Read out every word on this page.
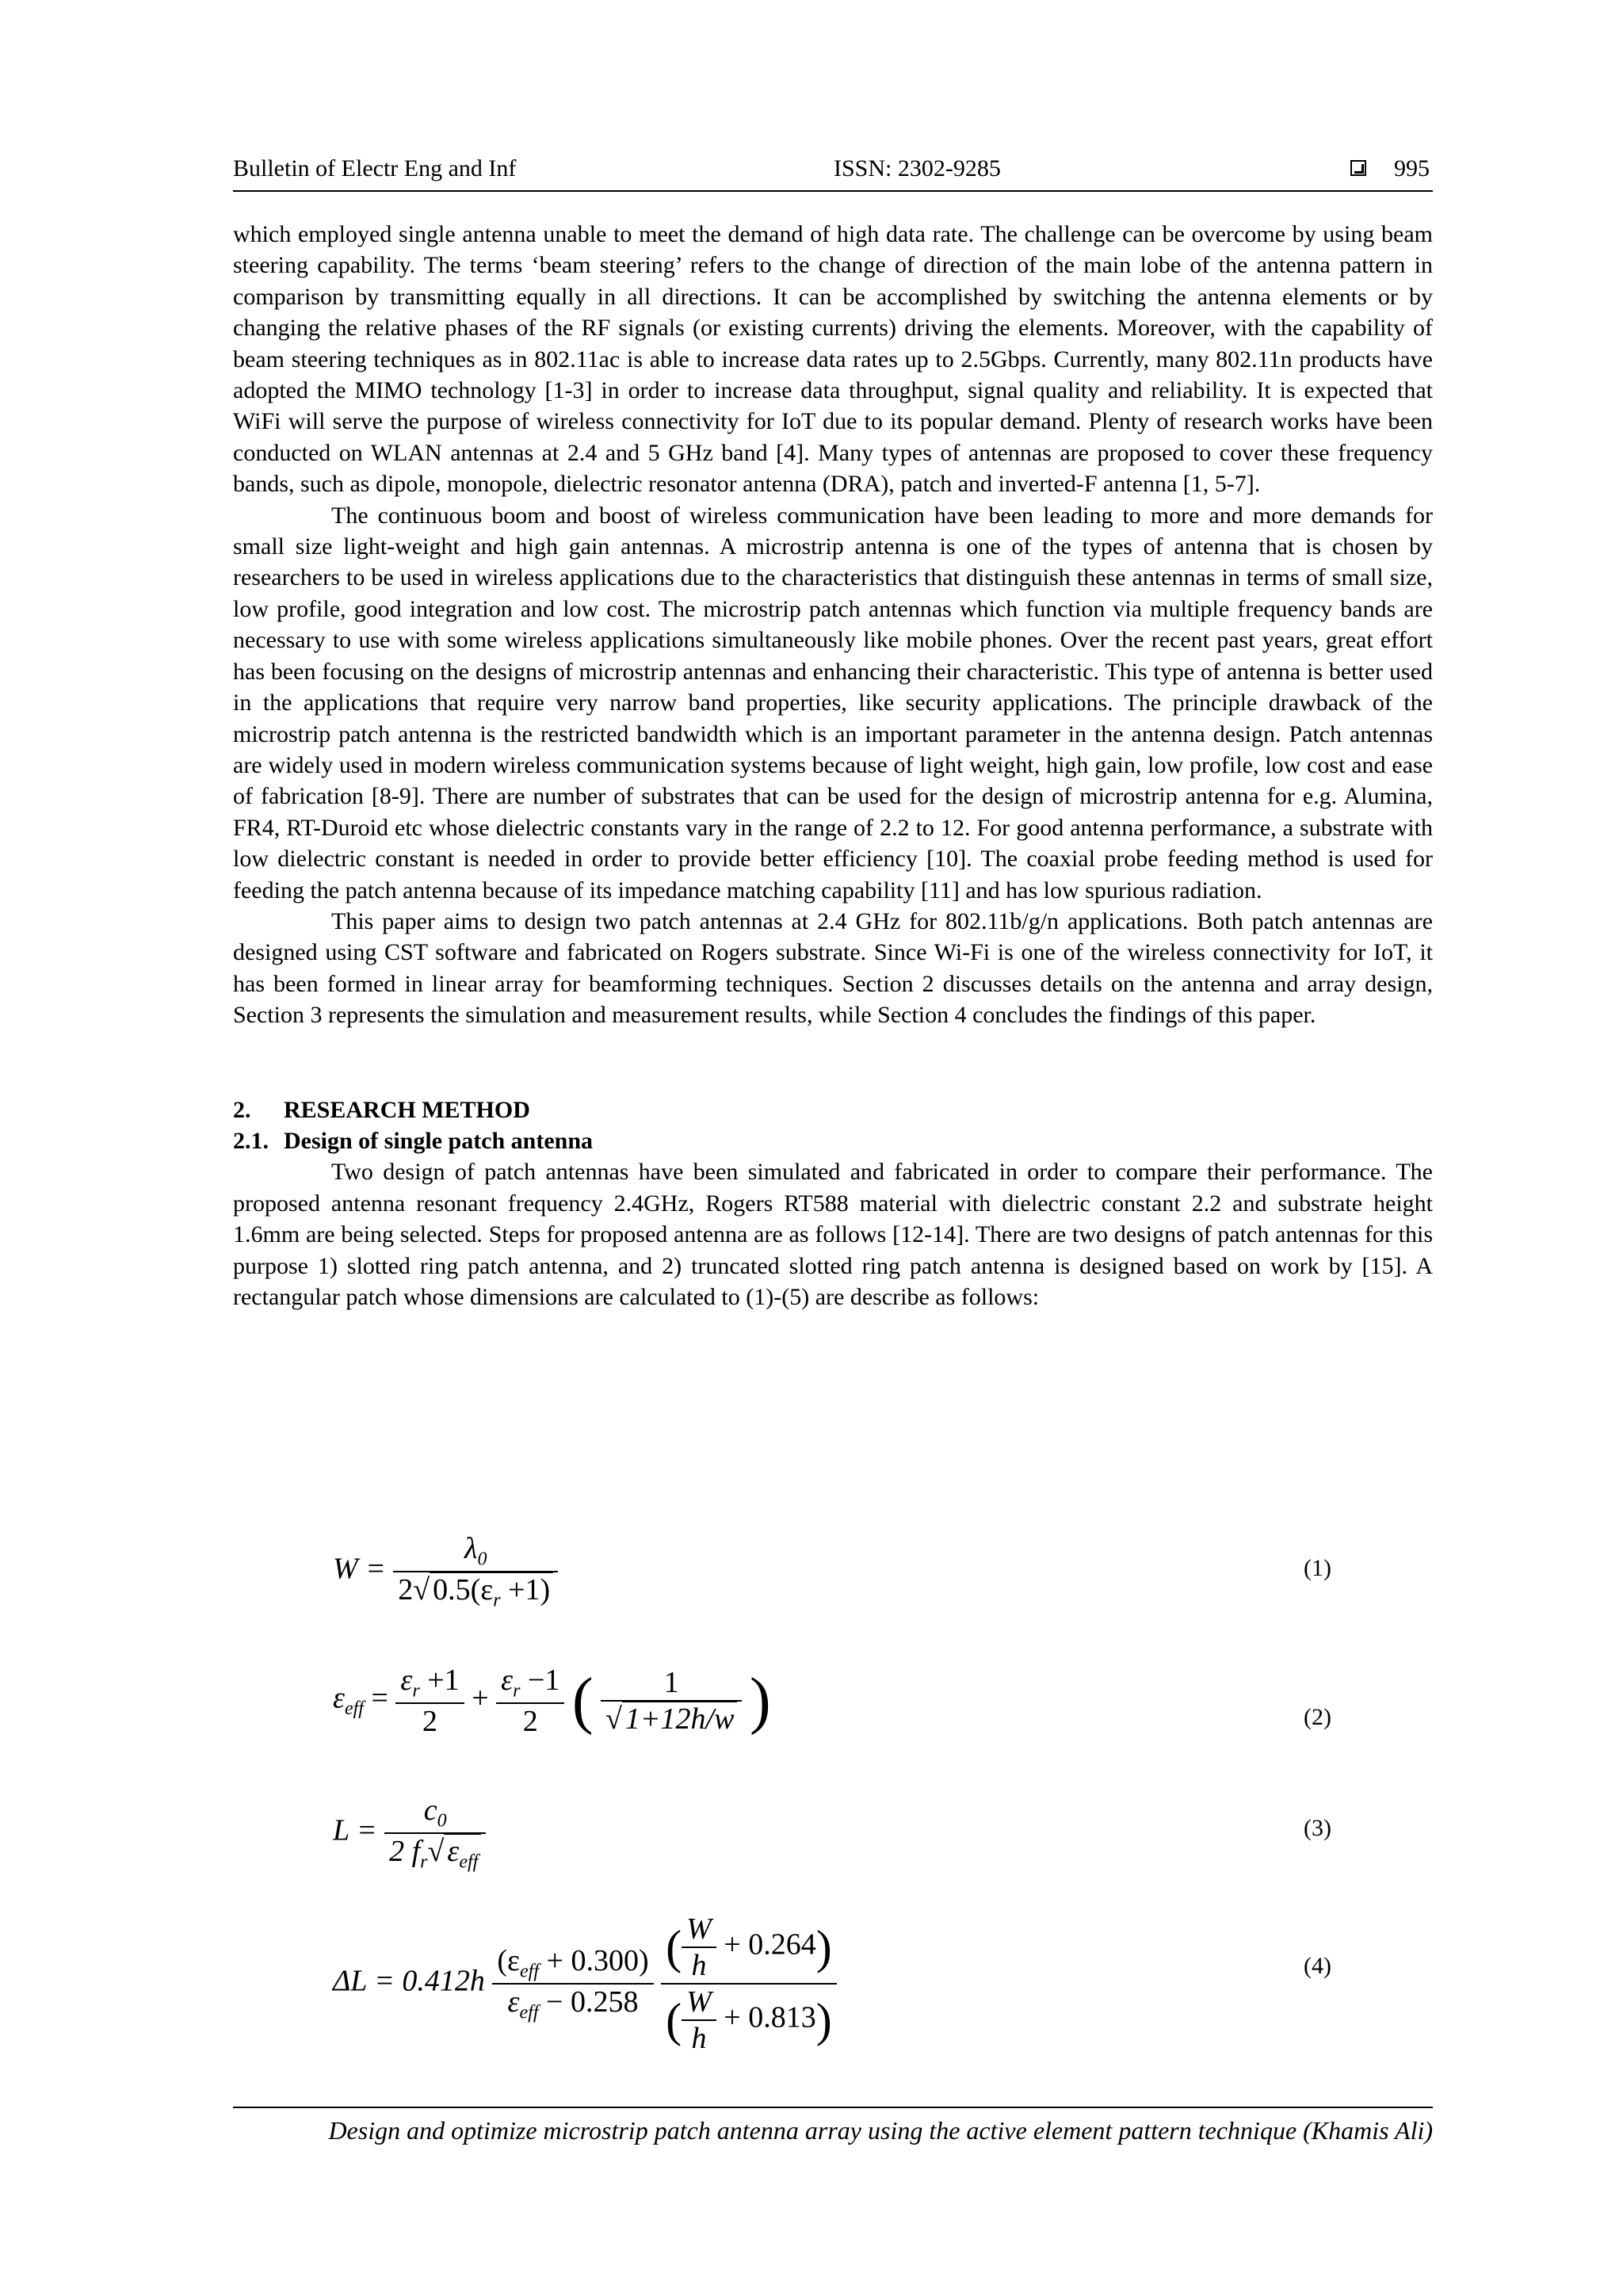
Bulletin of Electr Eng and Inf	ISSN: 2302-9285	995

which employed single antenna unable to meet the demand of high data rate. The challenge can be overcome by using beam steering capability. The terms ‘beam steering’ refers to the change of direction of the main lobe of the antenna pattern in comparison by transmitting equally in all directions. It can be accomplished by switching the antenna elements or by changing the relative phases of the RF signals (or existing currents) driving the elements. Moreover, with the capability of beam steering techniques as in 802.11ac is able to increase data rates up to 2.5Gbps. Currently, many 802.11n products have adopted the MIMO technology [1-3] in order to increase data throughput, signal quality and reliability. It is expected that WiFi will serve the purpose of wireless connectivity for IoT due to its popular demand. Plenty of research works have been conducted on WLAN antennas at 2.4 and 5 GHz band [4]. Many types of antennas are proposed to cover these frequency bands, such as dipole, monopole, dielectric resonator antenna (DRA), patch and inverted-F antenna [1, 5-7].

The continuous boom and boost of wireless communication have been leading to more and more demands for small size light-weight and high gain antennas. A microstrip antenna is one of the types of antenna that is chosen by researchers to be used in wireless applications due to the characteristics that distinguish these antennas in terms of small size, low profile, good integration and low cost. The microstrip patch antennas which function via multiple frequency bands are necessary to use with some wireless applications simultaneously like mobile phones. Over the recent past years, great effort has been focusing on the designs of microstrip antennas and enhancing their characteristic. This type of antenna is better used in the applications that require very narrow band properties, like security applications. The principle drawback of the microstrip patch antenna is the restricted bandwidth which is an important parameter in the antenna design. Patch antennas are widely used in modern wireless communication systems because of light weight, high gain, low profile, low cost and ease of fabrication [8-9]. There are number of substrates that can be used for the design of microstrip antenna for e.g. Alumina, FR4, RT-Duroid etc whose dielectric constants vary in the range of 2.2 to 12. For good antenna performance, a substrate with low dielectric constant is needed in order to provide better efficiency [10]. The coaxial probe feeding method is used for feeding the patch antenna because of its impedance matching capability [11] and has low spurious radiation.

This paper aims to design two patch antennas at 2.4 GHz for 802.11b/g/n applications. Both patch antennas are designed using CST software and fabricated on Rogers substrate. Since Wi-Fi is one of the wireless connectivity for IoT, it has been formed in linear array for beamforming techniques. Section 2 discusses details on the antenna and array design, Section 3 represents the simulation and measurement results, while Section 4 concludes the findings of this paper.

2. RESEARCH METHOD
2.1. Design of single patch antenna

Two design of patch antennas have been simulated and fabricated in order to compare their performance. The proposed antenna resonant frequency 2.4GHz, Rogers RT588 material with dielectric constant 2.2 and substrate height 1.6mm are being selected. Steps for proposed antenna are as follows [12-14]. There are two designs of patch antennas for this purpose 1) slotted ring patch antenna, and 2) truncated slotted ring patch antenna is designed based on work by [15]. A rectangular patch whose dimensions are calculated to (1)-(5) are describe as follows:

$W = \frac{\lambda_0}{2√ 0.5(\varepsilon_r +1)}$	(1)
$\varepsilon_{eff} = \frac{\varepsilon_r +1}{2} + \frac{\varepsilon_r -1}{2}$ ( $\frac{1}{√ 1+12h/w}$ )	(2)
$L = \frac{c_0}{2 f_r√ \varepsilon_{eff}}$	(3)
$\Delta L = 0.412h \frac{(\varepsilon_{eff} + 0.300)}{\varepsilon_{eff} - 0.258}$
$\frac{( \frac{W}{h} + 0.264)}{( \frac{W}{h} + 0.813)}$	(4)
Design and optimize microstrip patch antenna array using the active element pattern technique (Khamis Ali)
